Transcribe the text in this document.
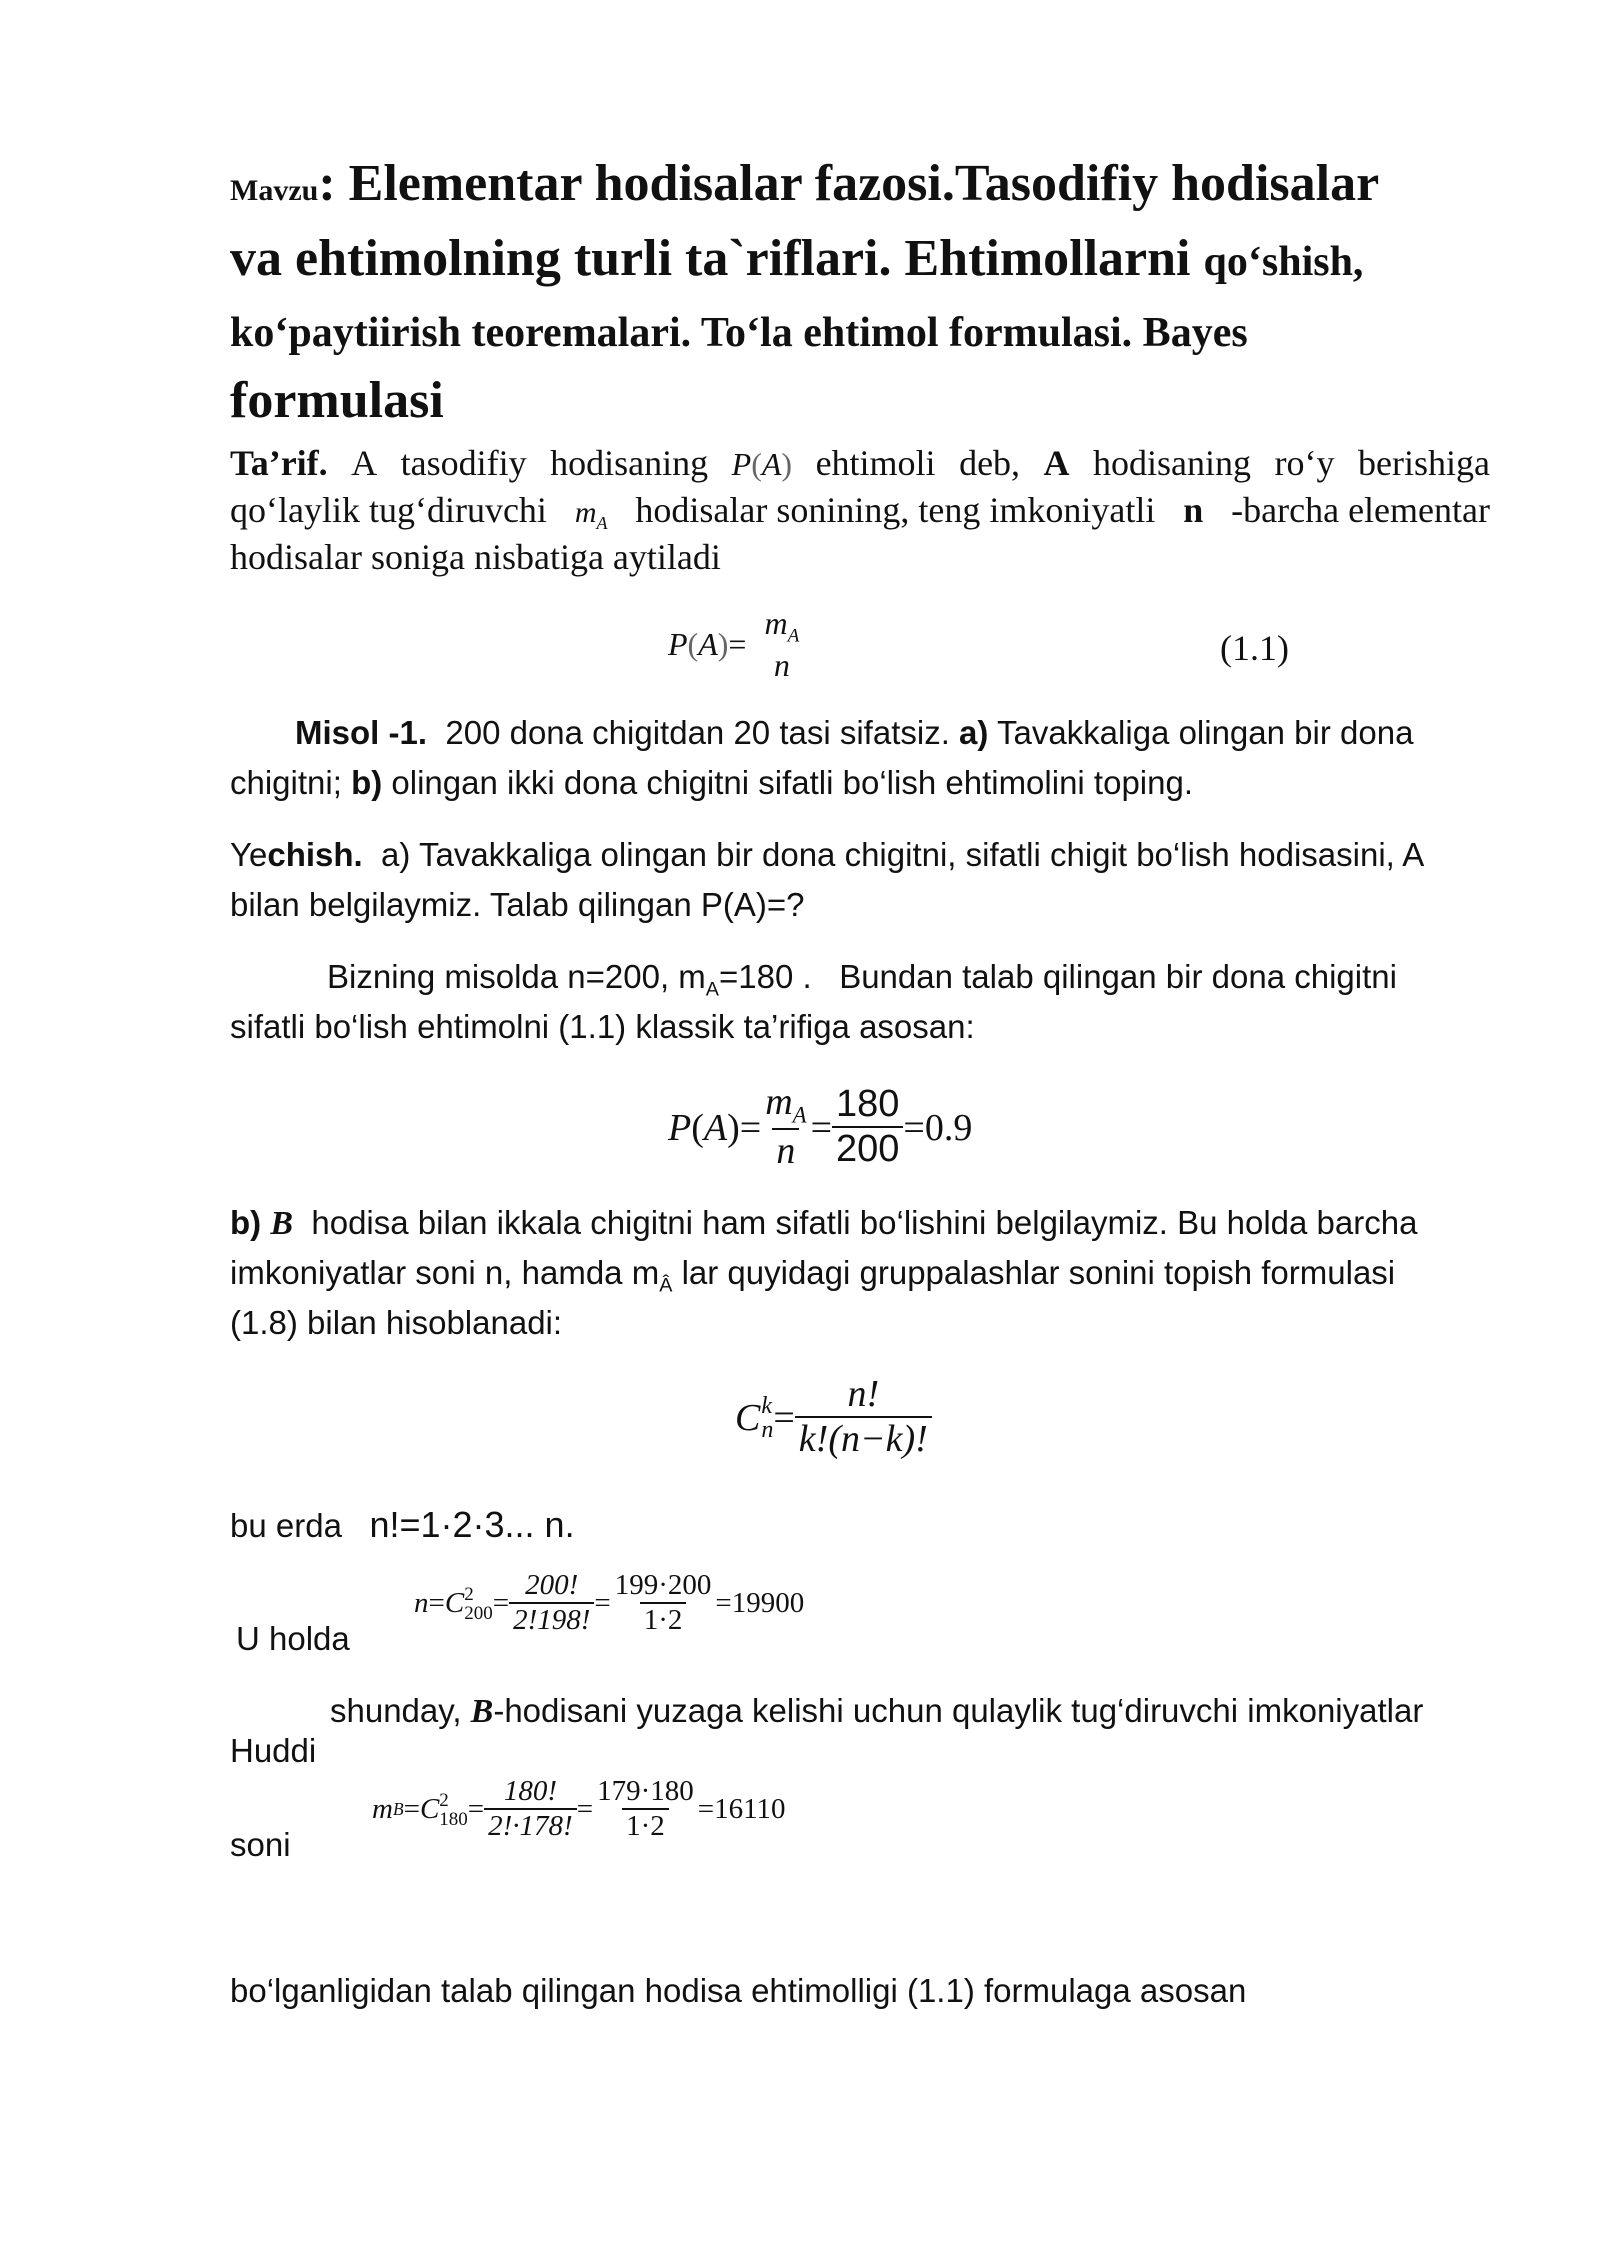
Mavzu: Elementar hodisalar fazosi.Tasodifiy hodisalar
va ehtimolning turli ta`riflari. Ehtimollarni qo‘shish,
ko‘paytiirish teoremalari. To‘la ehtimol formulasi. Bayes
formulasi
Ta’rif. A tasodifiy hodisaning P(A) ehtimoli deb, A hodisaning ro‘y berishiga
qo‘laylik tug‘diruvchi $m_A$ hodisalar sonining, teng imkoniyatli n -barcha elementar
hodisalar soniga nisbatiga aytiladi
P ( A ) =
$m_A$
n	(1.1)
Misol -1. 200 dona chigitdan 20 tasi sifatsiz. a) Tavakkaliga olingan bir dona
chigitni; b) olingan ikki dona chigitni sifatli bo‘lish ehtimolini toping.
Yechish. a) Tavakkaliga olingan bir dona chigitni, sifatli chigit bo‘lish hodisasini, A
bilan belgilaymiz. Talab qilingan P(A)=?
Bizning misolda n=200, $m_A=180$ . Bundan talab qilingan bir dona chigitni
sifatli bo‘lish ehtimolni (1.1) klassik ta’rifiga asosan:
P ( A ) = $\frac{m_A}{n} = \frac{180}{200} =0.9$
b) B hodisa bilan ikkala chigitni ham sifatli bo‘lishini belgilaymiz. Bu holda barcha
imkoniyatlar soni n, hamda $m_Â$ lar quyidagi gruppalashlar sonini topish formulasi
(1.8) bilan hisoblanadi:
C k
$n = \frac{n!}{k!(n-k)!}$
bu erda n!=1·2·3... n.
U holda
n = C 2
$200 = \frac{200!}{2!198!} = \frac{199\cdot 200}{1\cdot 2} =19900$
shunday, B-hodisani yuzaga kelishi uchun qulaylik tug‘diruvchi imkoniyatlar
Huddi
soni
m B = C 2
$180 = \frac{180!}{2!\cdot 178!} = \frac{179\cdot 180}{1\cdot 2} =16110$
bo‘lganligidan talab qilingan hodisa ehtimolligi (1.1) formulaga asosan
